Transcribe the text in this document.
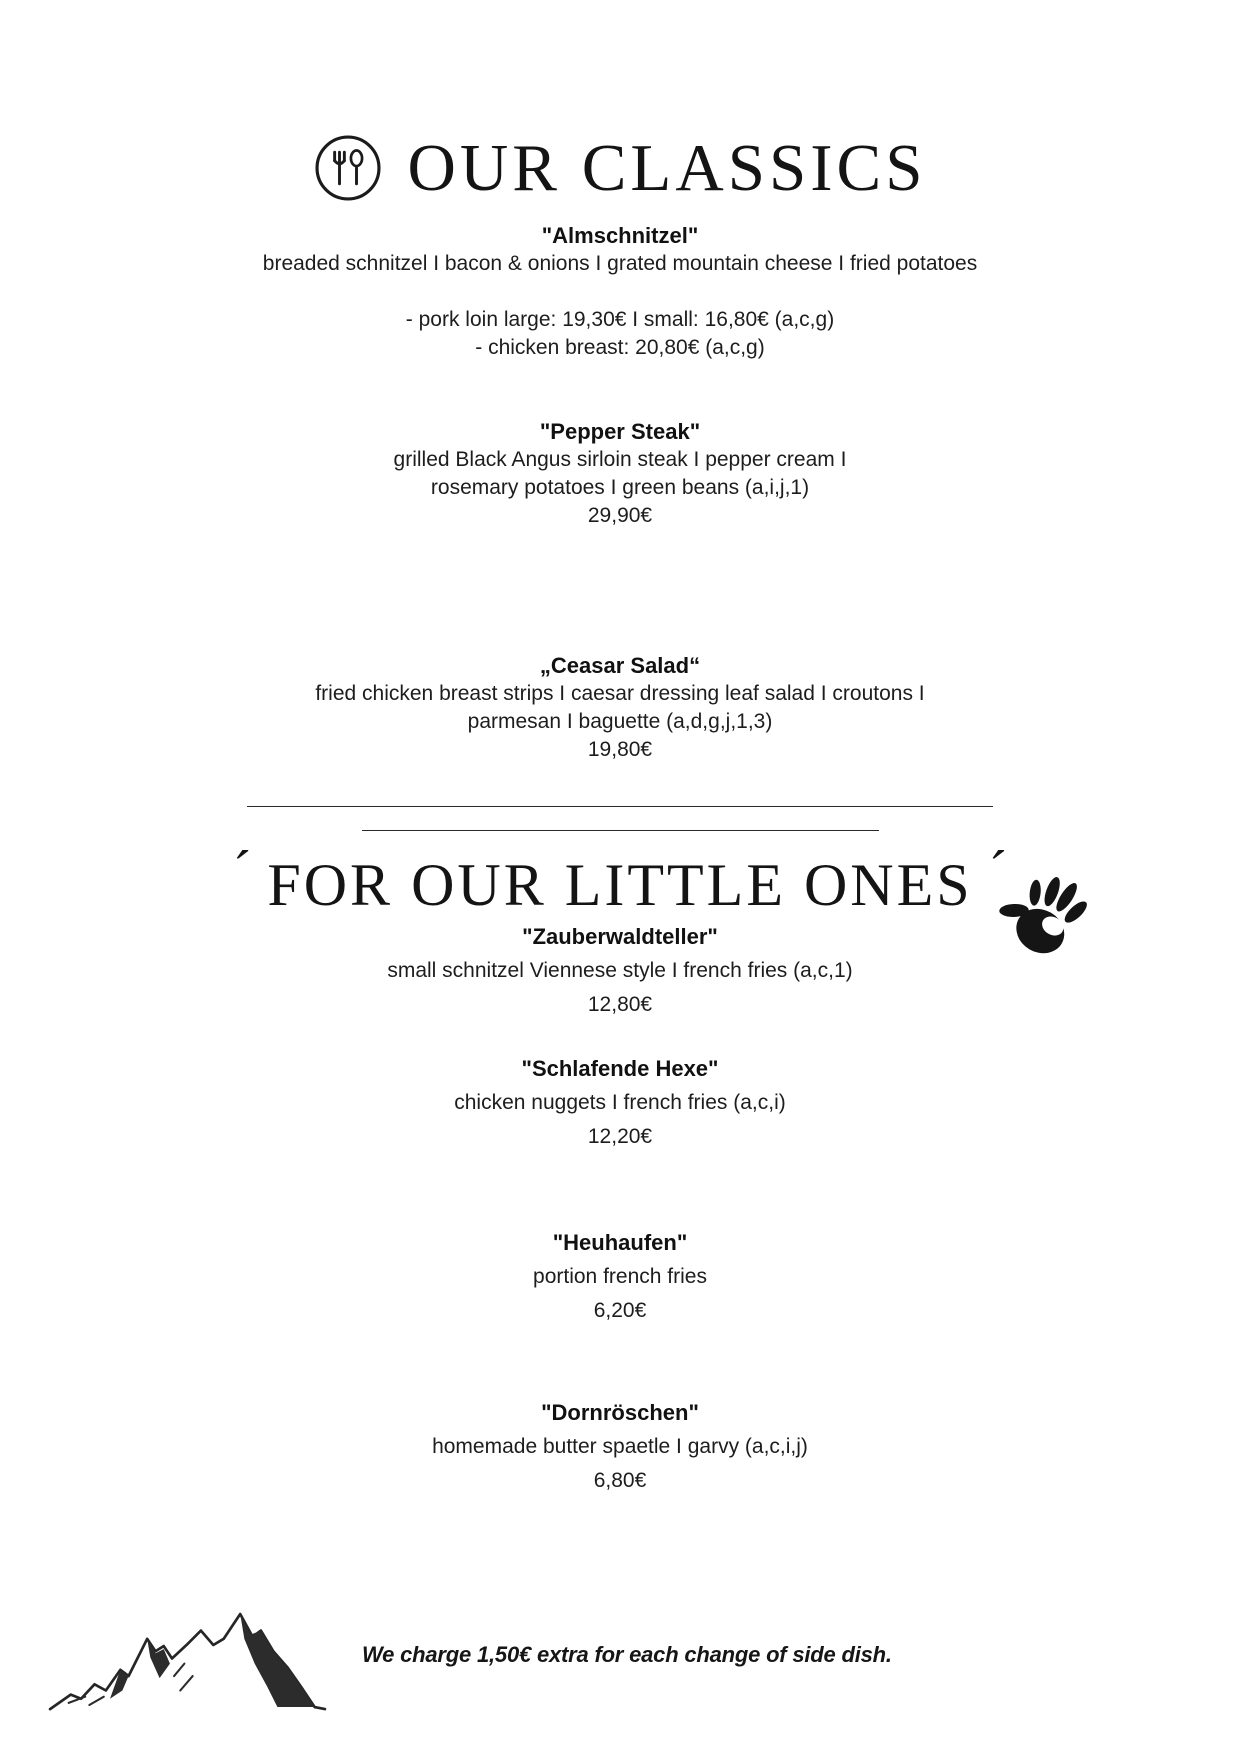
OUR CLASSICS
"Almschnitzel"
breaded schnitzel I bacon & onions I grated mountain cheese I fried potatoes
- pork loin large: 19,30€ I small: 16,80€ (a,c,g)
- chicken breast: 20,80€ (a,c,g)
"Pepper Steak"
grilled Black Angus sirloin steak I pepper cream I
rosemary potatoes I green beans (a,i,j,1)
29,90€
„Ceasar Salad“
fried chicken breast strips I caesar dressing leaf salad I croutons I
parmesan I baguette (a,d,g,j,1,3)
19,80€
´ FOR OUR LITTLE ONES ´
"Zauberwaldteller"
small schnitzel Viennese style I french fries (a,c,1)
12,80€
"Schlafende Hexe"
chicken nuggets I french fries (a,c,i)
12,20€
"Heuhaufen"
portion french fries
6,20€
"Dornröschen"
homemade butter spaetle I garvy (a,c,i,j)
6,80€
We charge 1,50€ extra for each change of side dish.
